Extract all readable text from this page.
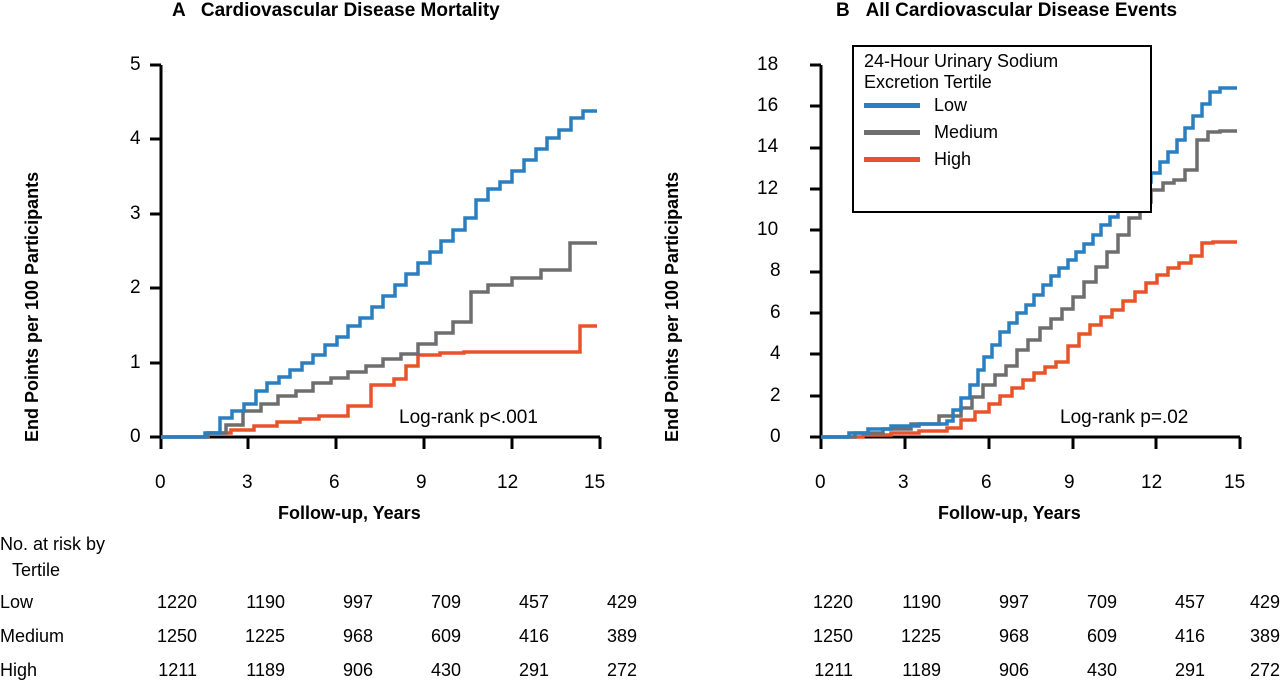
A Cardiovascular Disease Mortality
End Points per 100 Participants
5
4
3
2
1
0
0	3	6	9	12	15
Follow-up, Years
Log-rank p<.001
B All Cardiovascular Disease Events
End Points per 100 Participants
18
16
14
12
10
8
6
4
2
0
0	3	6	9	12	15
Follow-up, Years
Log-rank p=.02
24-Hour Urinary Sodium
Excretion Tertile
Low
Medium
High
No. at risk by
Tertile
Low
Medium
High
1220	1190	997	709	457	429
1250	1225	968	609	416	389
1211	1189	906	430	291	272
1220	1190	997	709	457	429
1250	1225	968	609	416	389
1211	1189	906	430	291	272
